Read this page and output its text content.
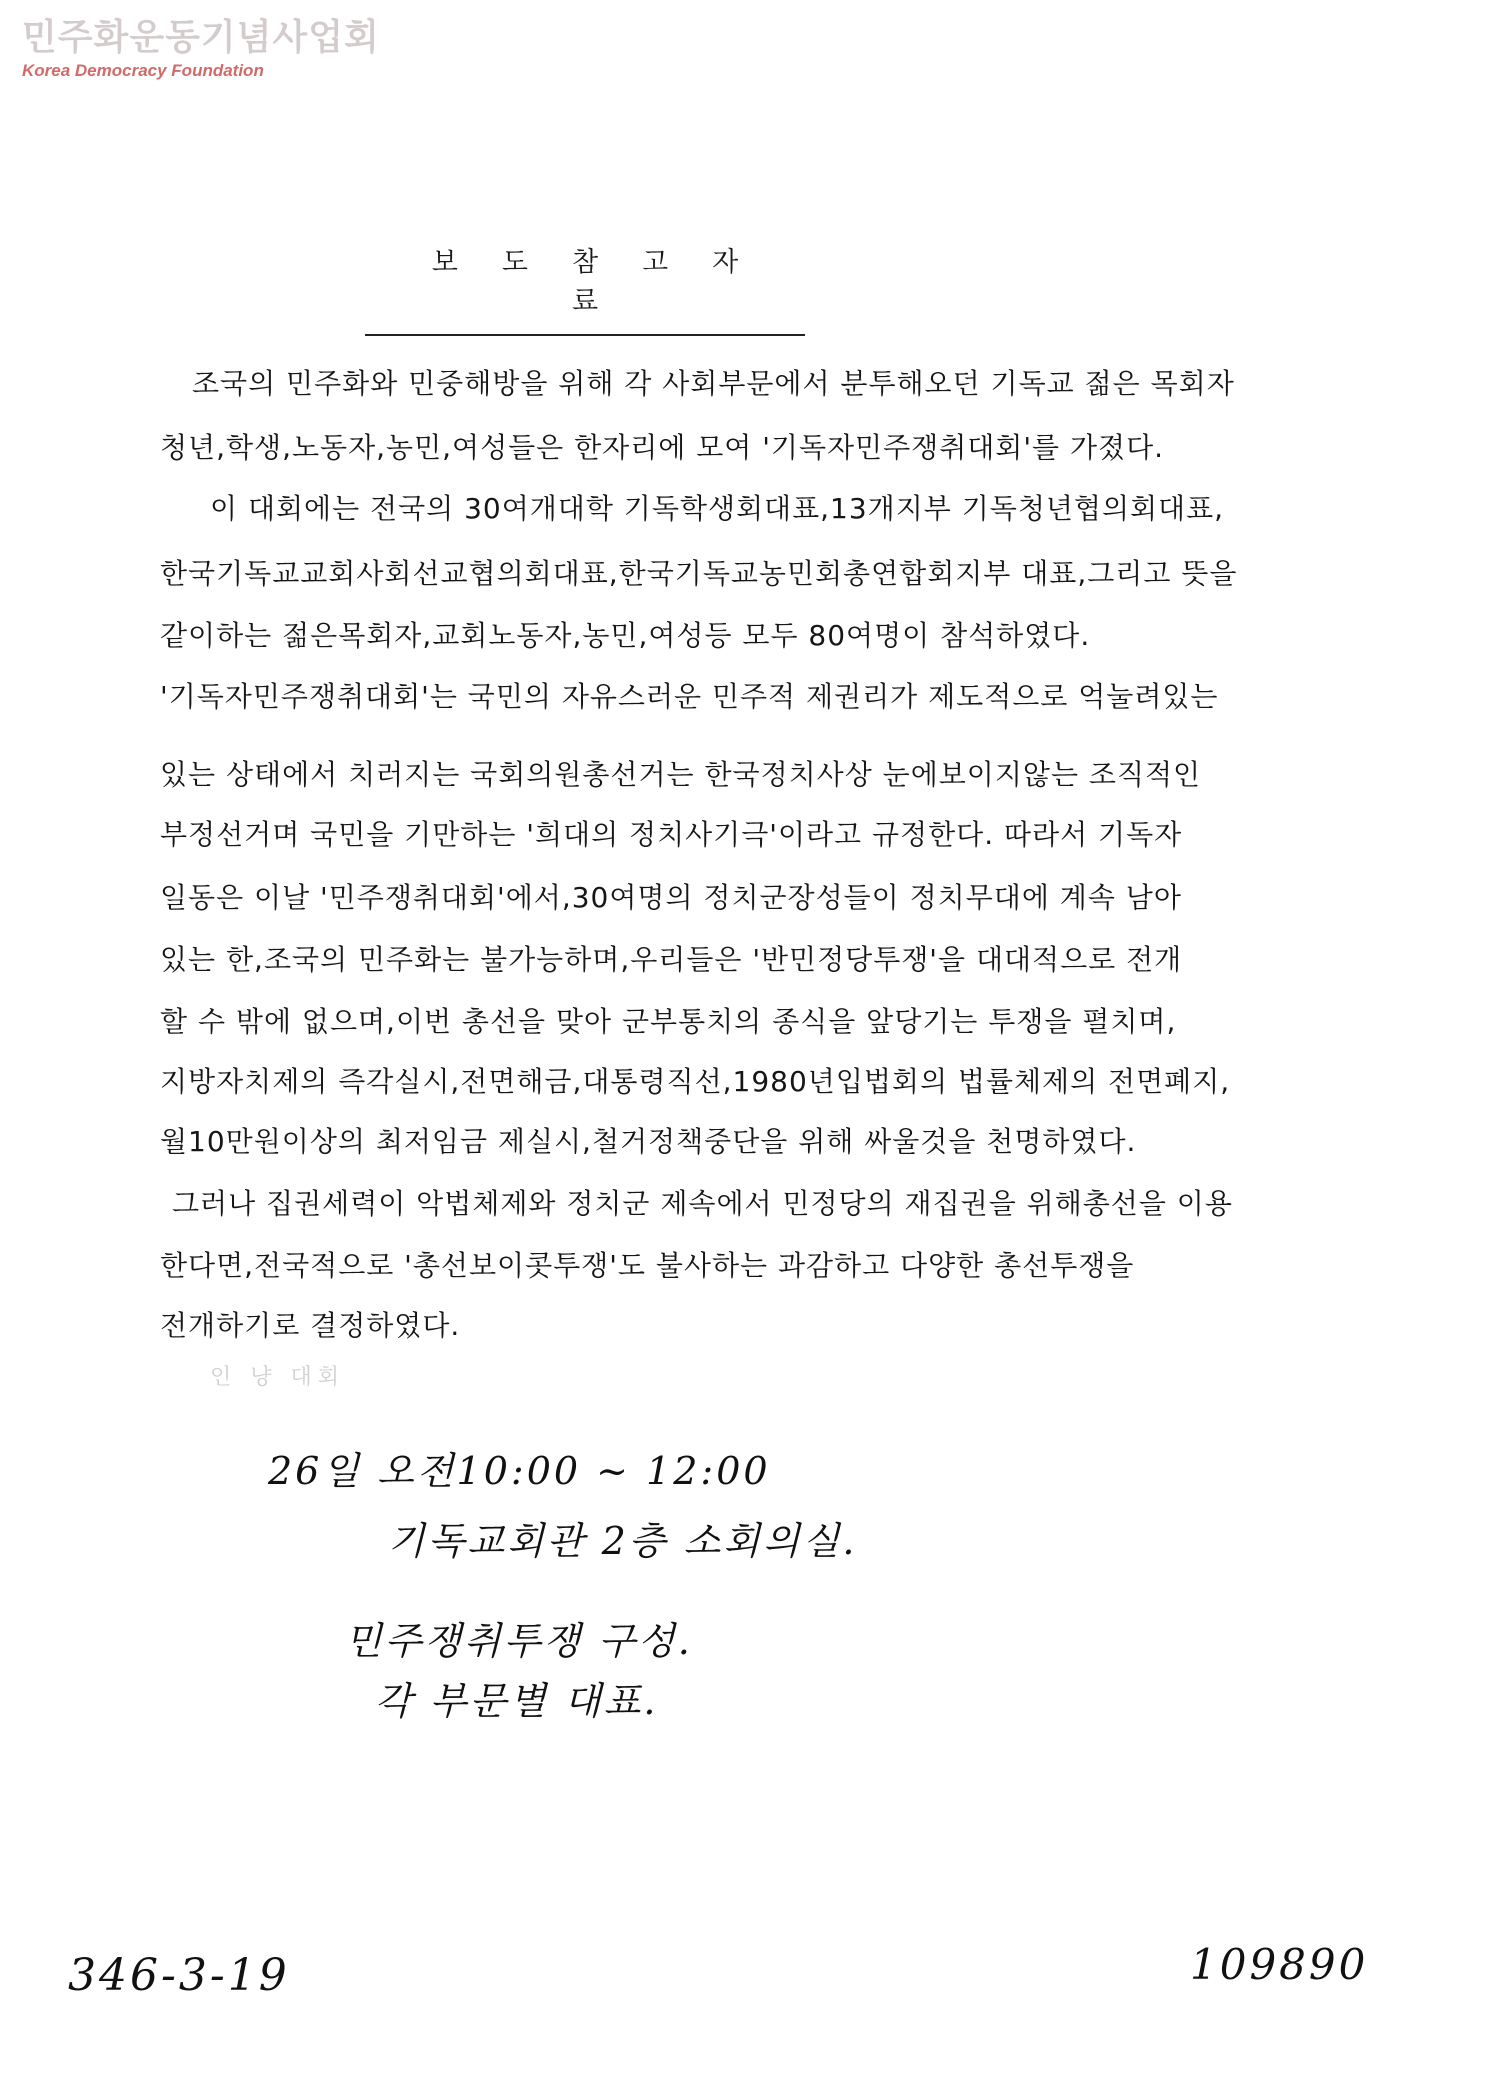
민주화운동기념사업회
Korea Democracy Foundation
보도참고자료
조국의 민주화와 민중해방을 위해 각 사회부문에서 분투해오던 기독교 젊은 목회자
청년,학생,노동자,농민,여성들은 한자리에 모여 '기독자민주쟁취대회'를 가졌다.
이 대회에는 전국의 30여개대학 기독학생회대표,13개지부 기독청년협의회대표,
한국기독교교회사회선교협의회대표,한국기독교농민회총연합회지부 대표,그리고 뜻을
같이하는 젊은목회자,교회노동자,농민,여성등 모두 80여명이 참석하였다.
'기독자민주쟁취대회'는 국민의 자유스러운 민주적 제권리가 제도적으로 억눌려있는
있는 상태에서 치러지는 국회의원총선거는 한국정치사상 눈에보이지않는 조직적인
부정선거며 국민을 기만하는 '희대의 정치사기극'이라고 규정한다. 따라서 기독자
일동은 이날 '민주쟁취대회'에서,30여명의 정치군장성들이 정치무대에 계속 남아
있는 한,조국의 민주화는 불가능하며,우리들은 '반민정당투쟁'을 대대적으로 전개
할 수 밖에 없으며,이번 총선을 맞아 군부통치의 종식을 앞당기는 투쟁을 펼치며,
지방자치제의 즉각실시,전면해금,대통령직선,1980년입법회의 법률체제의 전면폐지,
월10만원이상의 최저임금 제실시,철거정책중단을 위해 싸울것을 천명하였다.
그러나 집권세력이 악법체제와 정치군 제속에서 민정당의 재집권을 위해총선을 이용
한다면,전국적으로 '총선보이콧투쟁'도 불사하는 과감하고 다양한 총선투쟁을
전개하기로 결정하였다.
인 냥 대회
26일 오전10:00 ~ 12:00
기독교회관 2층 소회의실.
민주쟁취투쟁 구성.
각 부문별 대표.
346-3-19	109890
